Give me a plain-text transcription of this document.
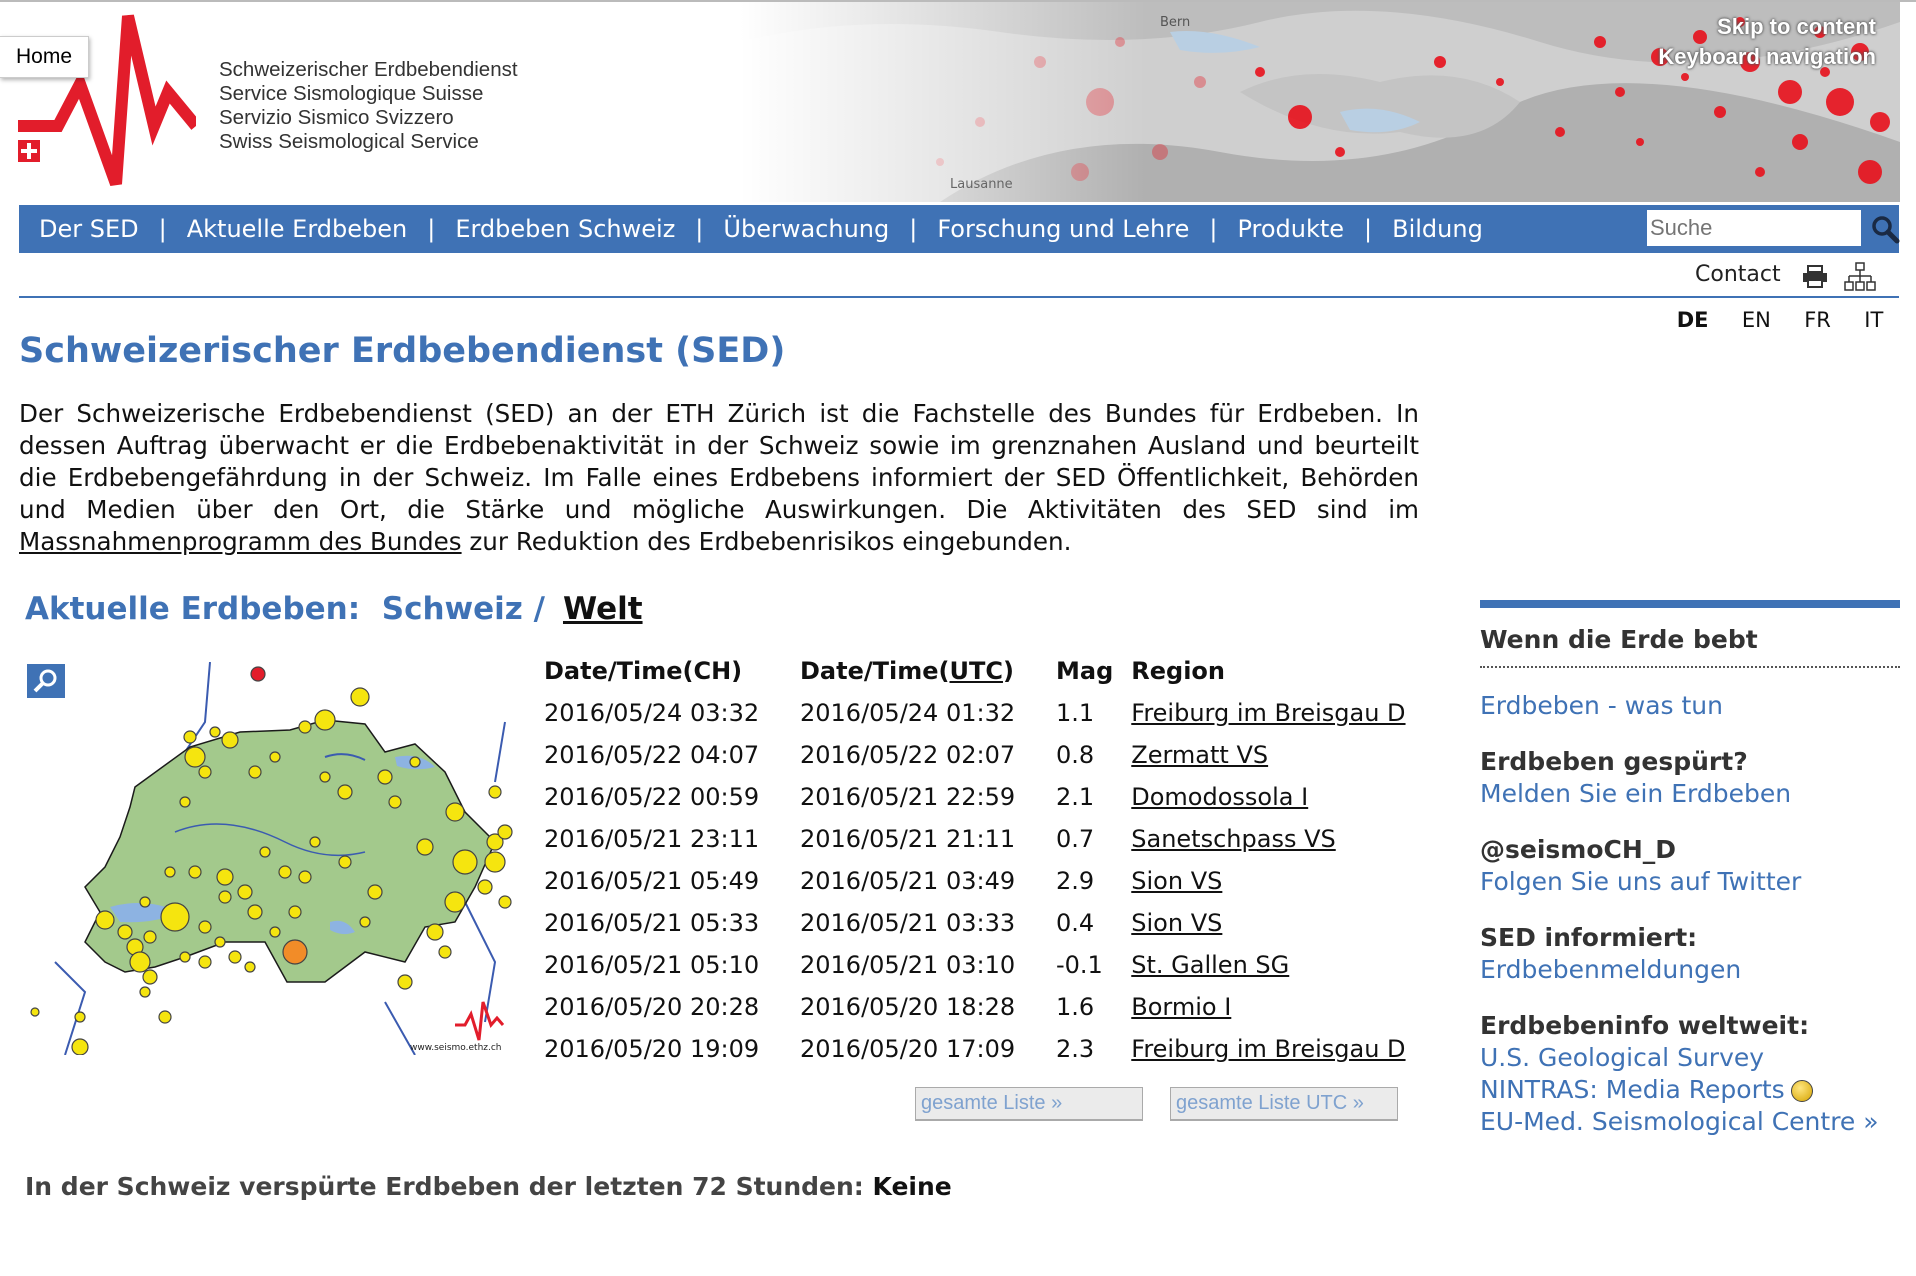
Home
Schweizerischer Erdbebendienst
Service Sismologique Suisse
Servizio Sismico Svizzero
Swiss Seismological Service
Bern
Lausanne
Skip to content
Keyboard navigation
Der SED | Aktuelle Erdbeben | Erdbeben Schweiz | Überwachung | Forschung und Lehre | Produkte | Bildung
Suche
Contact
DE EN FR IT
Schweizerischer Erdbebendienst (SED)

Der Schweizerische Erdbebendienst (SED) an der ETH Zürich ist die Fachstelle des Bundes für Erdbeben. In dessen Auftrag überwacht er die Erdbebenaktivität in der Schweiz sowie im grenznahen Ausland und beurteilt die Erdbebengefährdung in der Schweiz. Im Falle eines Erdbebens informiert der SED Öffentlichkeit, Behörden und Medien über den Ort, die Stärke und mögliche Auswirkungen. Die Aktivitäten des SED sind im Massnahmenprogramm des Bundes zur Reduktion des Erdbebenrisikos eingebunden.

Aktuelle Erdbeben: Schweiz / Welt
www.seismo.ethz.ch
Date/Time(CH)	Date/Time(UTC)	Mag	Region
2016/05/24 03:32	2016/05/24 01:32	1.1	Freiburg im Breisgau D
2016/05/22 04:07	2016/05/22 02:07	0.8	Zermatt VS
2016/05/22 00:59	2016/05/21 22:59	2.1	Domodossola I
2016/05/21 23:11	2016/05/21 21:11	0.7	Sanetschpass VS
2016/05/21 05:49	2016/05/21 03:49	2.9	Sion VS
2016/05/21 05:33	2016/05/21 03:33	0.4	Sion VS
2016/05/21 05:10	2016/05/21 03:10	-0.1	St. Gallen SG
2016/05/20 20:28	2016/05/20 18:28	1.6	Bormio I
2016/05/20 19:09	2016/05/20 17:09	2.3	Freiburg im Breisgau D
gesamte Liste »	gesamte Liste UTC »

In der Schweiz verspürte Erdbeben der letzten 72 Stunden: Keine

Wenn die Erde bebt
Erdbeben - was tun
Erdbeben gespürt?
Melden Sie ein Erdbeben
@seismoCH_D
Folgen Sie uns auf Twitter
SED informiert:
Erdbebenmeldungen
Erdbebeninfo weltweit:
U.S. Geological Survey
NINTRAS: Media Reports
EU-Med. Seismological Centre »
